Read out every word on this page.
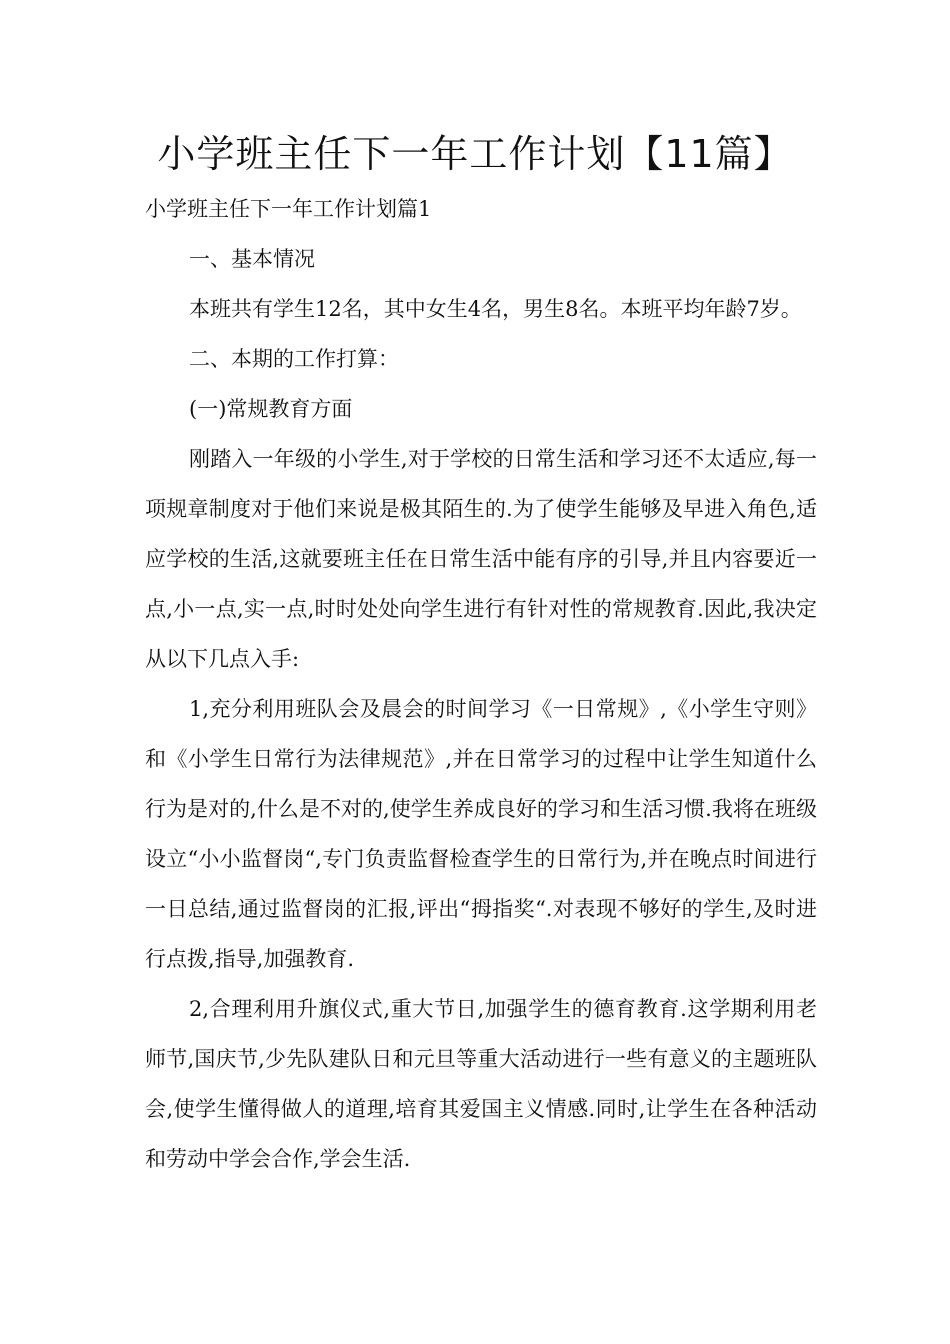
小学班主任下一年工作计划【11篇】

小学班主任下一年工作计划篇1

一、基本情况

本班共有学生12名，其中女生4名，男生8名。本班平均年龄7岁。

二、本期的工作打算：

(一)常规教育方面

刚踏入一年级的小学生,对于学校的日常生活和学习还不太适应,每一项规章制度对于他们来说是极其陌生的.为了使学生能够及早进入角色,适应学校的生活,这就要班主任在日常生活中能有序的引导,并且内容要近一点,小一点,实一点,时时处处向学生进行有针对性的常规教育.因此,我决定从以下几点入手:

1,充分利用班队会及晨会的时间学习《一日常规》,《小学生守则》和《小学生日常行为法律规范》,并在日常学习的过程中让学生知道什么行为是对的,什么是不对的,使学生养成良好的学习和生活习惯.我将在班级设立“小小监督岗“,专门负责监督检查学生的日常行为,并在晚点时间进行一日总结,通过监督岗的汇报,评出“拇指奖“.对表现不够好的学生,及时进行点拨,指导,加强教育.

2,合理利用升旗仪式,重大节日,加强学生的德育教育.这学期利用老师节,国庆节,少先队建队日和元旦等重大活动进行一些有意义的主题班队会,使学生懂得做人的道理,培育其爱国主义情感.同时,让学生在各种活动和劳动中学会合作,学会生活.
